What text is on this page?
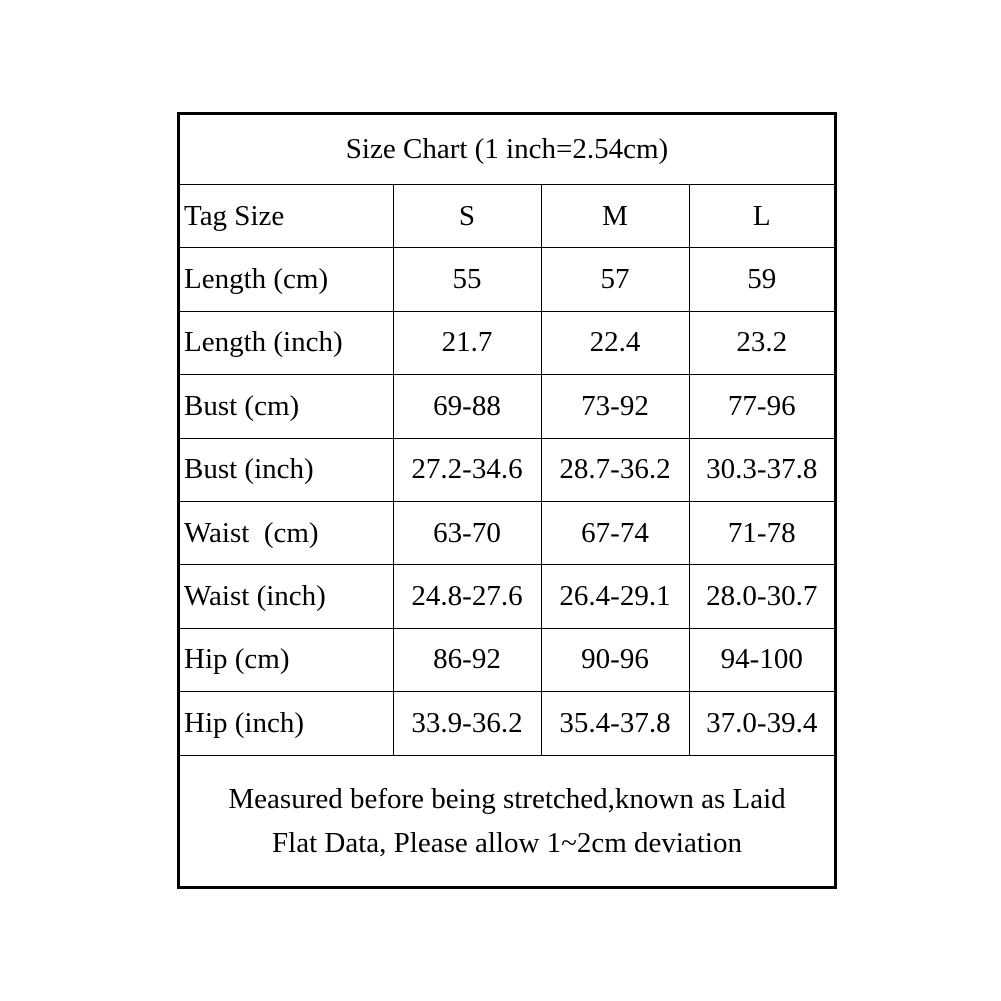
Size Chart (1 inch=2.54cm)
Tag Size	S	M	L
Length (cm)	55	57	59
Length (inch)	21.7	22.4	23.2
Bust (cm)	69-88	73-92	77-96
Bust (inch)	27.2-34.6	28.7-36.2	30.3-37.8
Waist  (cm)	63-70	67-74	71-78
Waist (inch)	24.8-27.6	26.4-29.1	28.0-30.7
Hip (cm)	86-92	90-96	94-100
Hip (inch)	33.9-36.2	35.4-37.8	37.0-39.4
Measured before being stretched,known as Laid
Flat Data, Please allow 1~2cm deviation
